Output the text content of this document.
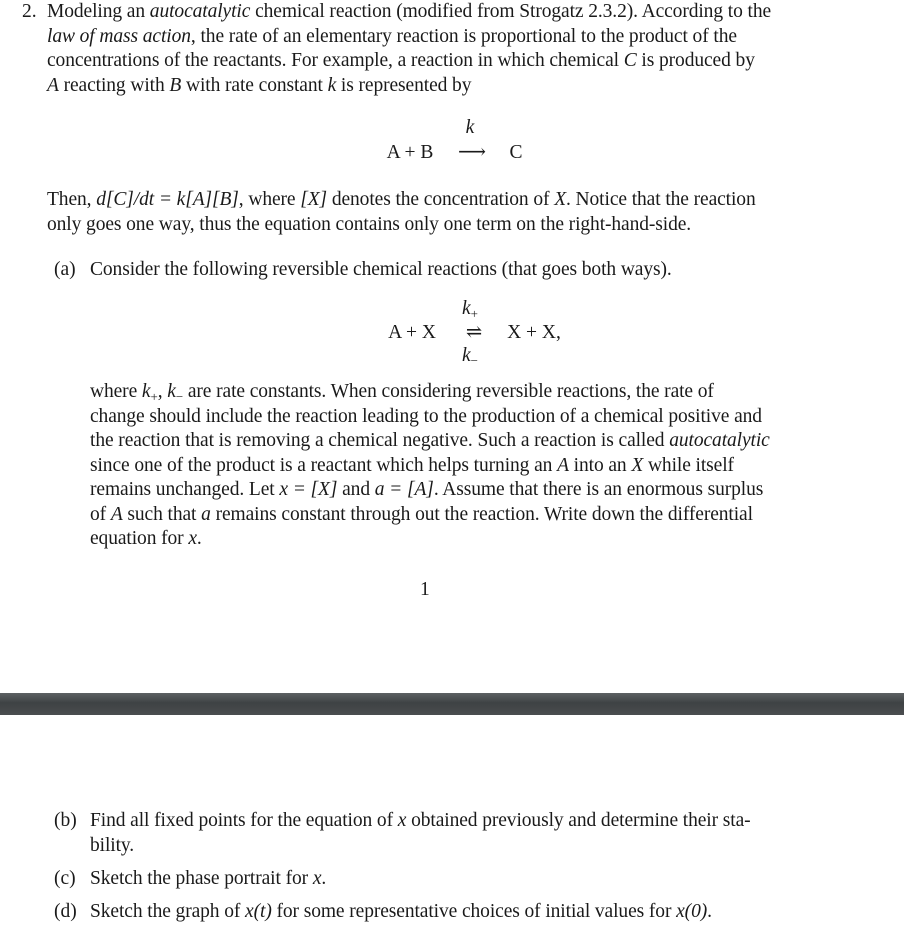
2. Modeling an autocatalytic chemical reaction (modified from Strogatz 2.3.2). According to the
law of mass action, the rate of an elementary reaction is proportional to the product of the
concentrations of the reactants. For example, a reaction in which chemical C is produced by
A reacting with B with rate constant k is represented by
k
A + B	⟶	C
Then, d[C]/dt = k[A][B], where [X] denotes the concentration of X. Notice that the reaction
only goes one way, thus the equation contains only one term on the right-hand-side.
(a) Consider the following reversible chemical reactions (that goes both ways).
$k_+$
A + X	⇌	X + X,
$k_-$
where $k_+$, $k_-$ are rate constants. When considering reversible reactions, the rate of
change should include the reaction leading to the production of a chemical positive and
the reaction that is removing a chemical negative. Such a reaction is called autocatalytic
since one of the product is a reactant which helps turning an A into an X while itself
remains unchanged. Let x = [X] and a = [A]. Assume that there is an enormous surplus
of A such that a remains constant through out the reaction. Write down the differential
equation for x.
1
(b) Find all fixed points for the equation of x obtained previously and determine their sta-
bility.
(c) Sketch the phase portrait for x.
(d) Sketch the graph of x(t) for some representative choices of initial values for x(0).
